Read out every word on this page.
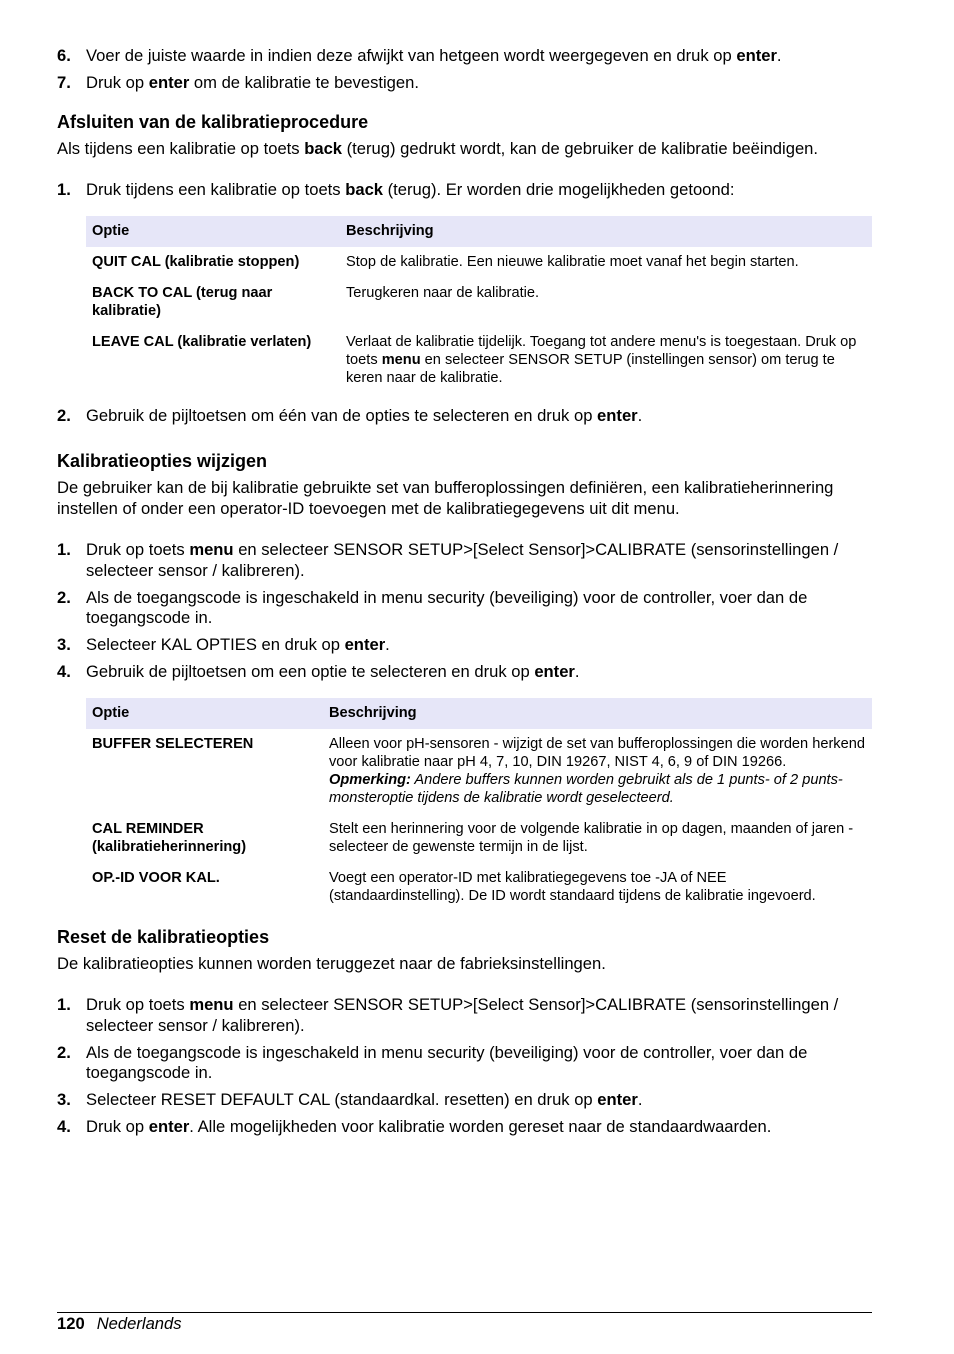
6. Voer de juiste waarde in indien deze afwijkt van hetgeen wordt weergegeven en druk op enter.
7. Druk op enter om de kalibratie te bevestigen.
Afsluiten van de kalibratieprocedure

Als tijdens een kalibratie op toets back (terug) gedrukt wordt, kan de gebruiker de kalibratie beëindigen.

1. Druk tijdens een kalibratie op toets back (terug). Er worden drie mogelijkheden getoond:
Optie	Beschrijving
QUIT CAL (kalibratie stoppen)	Stop de kalibratie. Een nieuwe kalibratie moet vanaf het begin starten.
BACK TO CAL (terug naar kalibratie)	Terugkeren naar de kalibratie.
LEAVE CAL (kalibratie verlaten)	Verlaat de kalibratie tijdelijk. Toegang tot andere menu's is toegestaan. Druk op toets menu en selecteer SENSOR SETUP (instellingen sensor) om terug te keren naar de kalibratie.
2. Gebruik de pijltoetsen om één van de opties te selecteren en druk op enter.
Kalibratieopties wijzigen

De gebruiker kan de bij kalibratie gebruikte set van bufferoplossingen definiëren, een kalibratieherinnering instellen of onder een operator-ID toevoegen met de kalibratiegegevens uit dit menu.

1. Druk op toets menu en selecteer SENSOR SETUP>[Select Sensor]>CALIBRATE (sensorinstellingen / selecteer sensor / kalibreren).
2. Als de toegangscode is ingeschakeld in menu security (beveiliging) voor de controller, voer dan de toegangscode in.
3. Selecteer KAL OPTIES en druk op enter.
4. Gebruik de pijltoetsen om een optie te selecteren en druk op enter.
Optie	Beschrijving
BUFFER SELECTEREN	Alleen voor pH-sensoren - wijzigt de set van bufferoplossingen die worden herkend voor kalibratie naar pH 4, 7, 10, DIN 19267, NIST 4, 6, 9 of DIN 19266.
Opmerking: Andere buffers kunnen worden gebruikt als de 1 punts- of 2 punts-monsteroptie tijdens de kalibratie wordt geselecteerd.

CAL REMINDER (kalibratieherinnering)	Stelt een herinnering voor de volgende kalibratie in op dagen, maanden of jaren - selecteer de gewenste termijn in de lijst.
OP.-ID VOOR KAL.	Voegt een operator-ID met kalibratiegegevens toe -JA of NEE (standaardinstelling). De ID wordt standaard tijdens de kalibratie ingevoerd.
Reset de kalibratieopties

De kalibratieopties kunnen worden teruggezet naar de fabrieksinstellingen.

1. Druk op toets menu en selecteer SENSOR SETUP>[Select Sensor]>CALIBRATE (sensorinstellingen / selecteer sensor / kalibreren).
2. Als de toegangscode is ingeschakeld in menu security (beveiliging) voor de controller, voer dan de toegangscode in.
3. Selecteer RESET DEFAULT CAL (standaardkal. resetten) en druk op enter.
4. Druk op enter. Alle mogelijkheden voor kalibratie worden gereset naar de standaardwaarden.
120 Nederlands
